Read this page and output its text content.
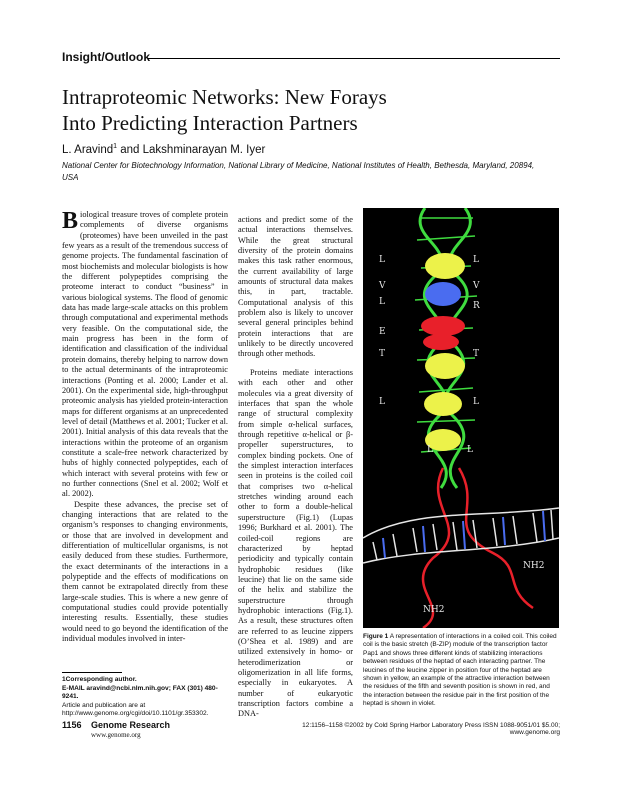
Insight/Outlook
Intraproteomic Networks: New Forays
Into Predicting Interaction Partners
L. Aravind$^1$ and Lakshminarayan M. Iyer
National Center for Biotechnology Information, National Library of Medicine, National Institutes of Health, Bethesda, Maryland, 20894, USA

Biological treasure troves of complete protein complements of diverse organisms (proteomes) have been unveiled in the past few years as a result of the tremendous success of genome projects. The fundamental fascination of most biochemists and molecular biologists is how the different polypeptides comprising the proteome interact to conduct “business” in various biological systems. The flood of genomic data has made large-scale attacks on this problem through computational and experimental methods very feasible. On the computational side, the main progress has been in the form of identification and classification of the individual protein domains, thereby helping to narrow down to the actual determinants of the intraproteomic interactions (Ponting et al. 2000; Lander et al. 2001). On the experimental side, high-throughput proteomic analysis has yielded protein-interaction maps for different organisms at an unprecedented level of detail (Matthews et al. 2001; Tucker et al. 2001). Initial analysis of this data reveals that the interactions within the proteome of an organism constitute a scale-free network characterized by hubs of highly connected polypeptides, each of which interact with several proteins with few or no further connections (Snel et al. 2002; Wolf et al. 2002).

Despite these advances, the precise set of changing interactions that are related to the organism’s responses to changing environments, or those that are involved in development and differentiation of multicellular organisms, is not easily deduced from these studies. Furthermore, the exact determinants of the interactions in a polypeptide and the effects of modifications on them cannot be extrapolated directly from these large-scale studies. This is where a new genre of computational studies could provide potentially interesting results. Essentially, these studies would need to go beyond the identification of the individual modules involved in inter-

actions and predict some of the actual interactions themselves. While the great structural diversity of the protein domains makes this task rather enormous, the current availability of large amounts of structural data makes this, in part, tractable. Computational analysis of this problem also is likely to uncover several general principles behind protein interactions that are unlikely to be directly uncovered through other methods.

Proteins mediate interactions with each other and other molecules via a great diversity of interfaces that span the whole range of structural complexity from simple α-helical surfaces, through repetitive α-helical or β-propeller superstructures, to complex binding pockets. One of the simplest interaction interfaces seen in proteins is the coiled coil that comprises two α-helical stretches winding around each other to form a double-helical superstructure (Fig.1) (Lupas 1996; Burkhard et al. 2001). The coiled-coil regions are characterized by heptad periodicity and typically contain hydrophobic residues (like leucine) that lie on the same side of the helix and stabilize the superstructure through hydrophobic interactions (Fig.1). As a result, these structures often are referred to as leucine zippers (O’Shea et al. 1989) and are utilized extensively in homo- or heterodimerization or oligomerization in all life forms, especially in eukaryotes. A number of eukaryotic transcription factors combine a DNA-

1Corresponding author.
E-MAIL aravind@ncbi.nlm.nih.gov; FAX (301) 480-9241.
Article and publication are at http://www.genome.org/cgi/doi/10.1101/gr.353302.
L
V
L
E
T
L
L
L
V
R
T
L
L
NH2
NH2
Figure 1 A representation of interactions in a coiled coil. This coiled coil is the basic stretch (B-ZIP) module of the transcription factor Pap1 and shows three different kinds of stabilizing interactions between residues of the heptad of each interacting partner. The leucines of the leucine zipper in position four of the heptad are shown in yellow, an example of the attractive interaction between the residues of the fifth and seventh position is shown in red, and the interaction between the residue pair in the first position of the heptad is shown in violet.
1156 Genome Research
www.genome.org
12:1156–1158 ©2002 by Cold Spring Harbor Laboratory Press ISSN 1088-9051/01 $5.00; www.genome.org
